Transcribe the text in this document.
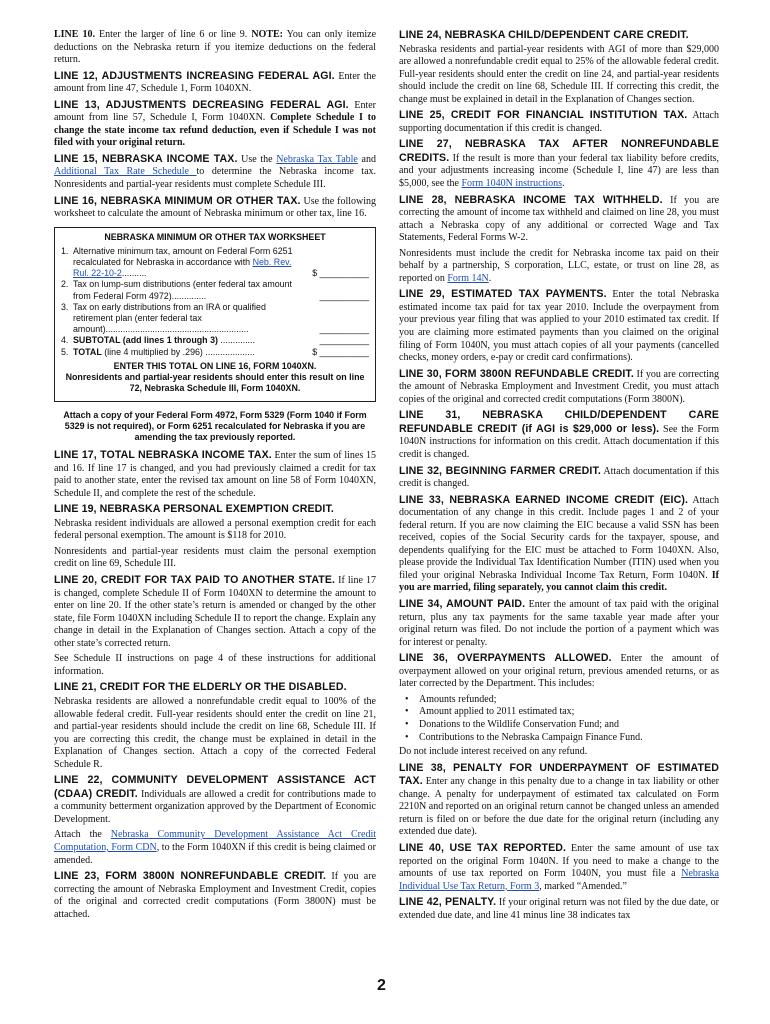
LINE 10. Enter the larger of line 6 or line 9. NOTE: You can only itemize deductions on the Nebraska return if you itemize deductions on the federal return.

LINE 12, ADJUSTMENTS INCREASING FEDERAL AGI. Enter the amount from line 47, Schedule 1, Form 1040XN.

LINE 13, ADJUSTMENTS DECREASING FEDERAL AGI. Enter amount from line 57, Schedule I, Form 1040XN. Complete Schedule I to change the state income tax refund deduction, even if Schedule I was not filed with your original return.

LINE 15, NEBRASKA INCOME TAX. Use the Nebraska Tax Table and Additional Tax Rate Schedule to determine the Nebraska income tax. Nonresidents and partial-year residents must complete Schedule III.

LINE 16, NEBRASKA MINIMUM OR OTHER TAX. Use the following worksheet to calculate the amount of Nebraska minimum or other tax, line 16.

NEBRASKA MINIMUM OR OTHER TAX WORKSHEET
1. Alternative minimum tax, amount on Federal Form 6251 recalculated for Nebraska in accordance with Neb. Rev. Rul. 22-10-2..........	$ __________
2. Tax on lump-sum distributions (enter federal tax amount from Federal Form 4972)..............	__________
3. Tax on early distributions from an IRA or qualified retirement plan (enter federal tax amount)..........................................................	__________
4. SUBTOTAL (add lines 1 through 3) ..............	__________
5. TOTAL (line 4 multiplied by .296) ....................	$ __________
ENTER THIS TOTAL ON LINE 16, FORM 1040XN.
Nonresidents and partial-year residents should enter this result on line 72, Nebraska Schedule III, Form 1040XN.
Attach a copy of your Federal Form 4972, Form 5329 (Form 1040 if Form 5329 is not required), or Form 6251 recalculated for Nebraska if you are amending the tax previously reported.

LINE 17, TOTAL NEBRASKA INCOME TAX. Enter the sum of lines 15 and 16. If line 17 is changed, and you had previously claimed a credit for tax paid to another state, enter the revised tax amount on line 58 of Form 1040XN, Schedule II, and complete the rest of the schedule.

LINE 19, NEBRASKA PERSONAL EXEMPTION CREDIT.

Nebraska resident individuals are allowed a personal exemption credit for each federal personal exemption. The amount is $118 for 2010.

Nonresidents and partial-year residents must claim the personal exemption credit on line 69, Schedule III.

LINE 20, CREDIT FOR TAX PAID TO ANOTHER STATE. If line 17 is changed, complete Schedule II of Form 1040XN to determine the amount to enter on line 20. If the other state’s return is amended or changed by the other state, file Form 1040XN including Schedule II to report the change. Explain any change in detail in the Explanation of Changes section. Attach a copy of the other state’s corrected return.

See Schedule II instructions on page 4 of these instructions for additional information.

LINE 21, CREDIT FOR THE ELDERLY OR THE DISABLED.

Nebraska residents are allowed a nonrefundable credit equal to 100% of the allowable federal credit. Full-year residents should enter the credit on line 21, and partial-year residents should include the credit on line 68, Schedule III. If you are correcting this credit, the change must be explained in detail in the Explanation of Changes section. Attach a copy of the corrected Federal Schedule R.

LINE 22, COMMUNITY DEVELOPMENT ASSISTANCE ACT (CDAA) CREDIT. Individuals are allowed a credit for contributions made to a community betterment organization approved by the Department of Economic Development.

Attach the Nebraska Community Development Assistance Act Credit Computation, Form CDN, to the Form 1040XN if this credit is being claimed or amended.

LINE 23, FORM 3800N NONREFUNDABLE CREDIT. If you are correcting the amount of Nebraska Employment and Investment Credit, copies of the original and corrected credit computations (Form 3800N) must be attached.

LINE 24, NEBRASKA CHILD/DEPENDENT CARE CREDIT.

Nebraska residents and partial-year residents with AGI of more than $29,000 are allowed a nonrefundable credit equal to 25% of the allowable federal credit. Full-year residents should enter the credit on line 24, and partial-year residents should include the credit on line 68, Schedule III. If correcting this credit, the change must be explained in detail in the Explanation of Changes section.

LINE 25, CREDIT FOR FINANCIAL INSTITUTION TAX. Attach supporting documentation if this credit is changed.

LINE 27, NEBRASKA TAX AFTER NONREFUNDABLE CREDITS. If the result is more than your federal tax liability before credits, and your adjustments increasing income (Schedule I, line 47) are less than $5,000, see the Form 1040N instructions.

LINE 28, NEBRASKA INCOME TAX WITHHELD. If you are correcting the amount of income tax withheld and claimed on line 28, you must attach a Nebraska copy of any additional or corrected Wage and Tax Statements, Federal Forms W-2.

Nonresidents must include the credit for Nebraska income tax paid on their behalf by a partnership, S corporation, LLC, estate, or trust on line 28, as reported on Form 14N.

LINE 29, ESTIMATED TAX PAYMENTS. Enter the total Nebraska estimated income tax paid for tax year 2010. Include the overpayment from your previous year filing that was applied to your 2010 estimated tax credit. If you are claiming more estimated payments than you claimed on the original filing of Form 1040N, you must attach copies of all your payments (cancelled checks, money orders, e-pay or credit card confirmations).

LINE 30, FORM 3800N REFUNDABLE CREDIT. If you are correcting the amount of Nebraska Employment and Investment Credit, you must attach copies of the original and corrected credit computations (Form 3800N).

LINE 31, NEBRASKA CHILD/DEPENDENT CARE REFUNDABLE CREDIT (if AGI is $29,000 or less). See the Form 1040N instructions for information on this credit. Attach documentation if this credit is changed.

LINE 32, BEGINNING FARMER CREDIT. Attach documentation if this credit is changed.

LINE 33, NEBRASKA EARNED INCOME CREDIT (EIC). Attach documentation of any change in this credit. Include pages 1 and 2 of your federal return. If you are now claiming the EIC because a valid SSN has been received, copies of the Social Security cards for the taxpayer, spouse, and dependents qualifying for the EIC must be attached to Form 1040XN. Also, please provide the Individual Tax Identification Number (ITIN) used when you filed your original Nebraska Individual Income Tax Return, Form 1040N. If you are married, filing separately, you cannot claim this credit.

LINE 34, AMOUNT PAID. Enter the amount of tax paid with the original return, plus any tax payments for the same taxable year made after your original return was filed. Do not include the portion of a payment which was for interest or penalty.

LINE 36, OVERPAYMENTS ALLOWED. Enter the amount of overpayment allowed on your original return, previous amended returns, or as later corrected by the Department. This includes:

• Amounts refunded;
• Amount applied to 2011 estimated tax;
• Donations to the Wildlife Conservation Fund; and
• Contributions to the Nebraska Campaign Finance Fund.

Do not include interest received on any refund.

LINE 38, PENALTY FOR UNDERPAYMENT OF ESTIMATED TAX. Enter any change in this penalty due to a change in tax liability or other change. A penalty for underpayment of estimated tax calculated on Form 2210N and reported on an original return cannot be changed unless an amended return is filed on or before the due date for the original return (including any extended due date).

LINE 40, USE TAX REPORTED. Enter the same amount of use tax reported on the original Form 1040N. If you need to make a change to the amounts of use tax reported on Form 1040N, you must file a Nebraska Individual Use Tax Return, Form 3, marked “Amended.”

LINE 42, PENALTY. If your original return was not filed by the due date, or extended due date, and line 41 minus line 38 indicates tax

2
